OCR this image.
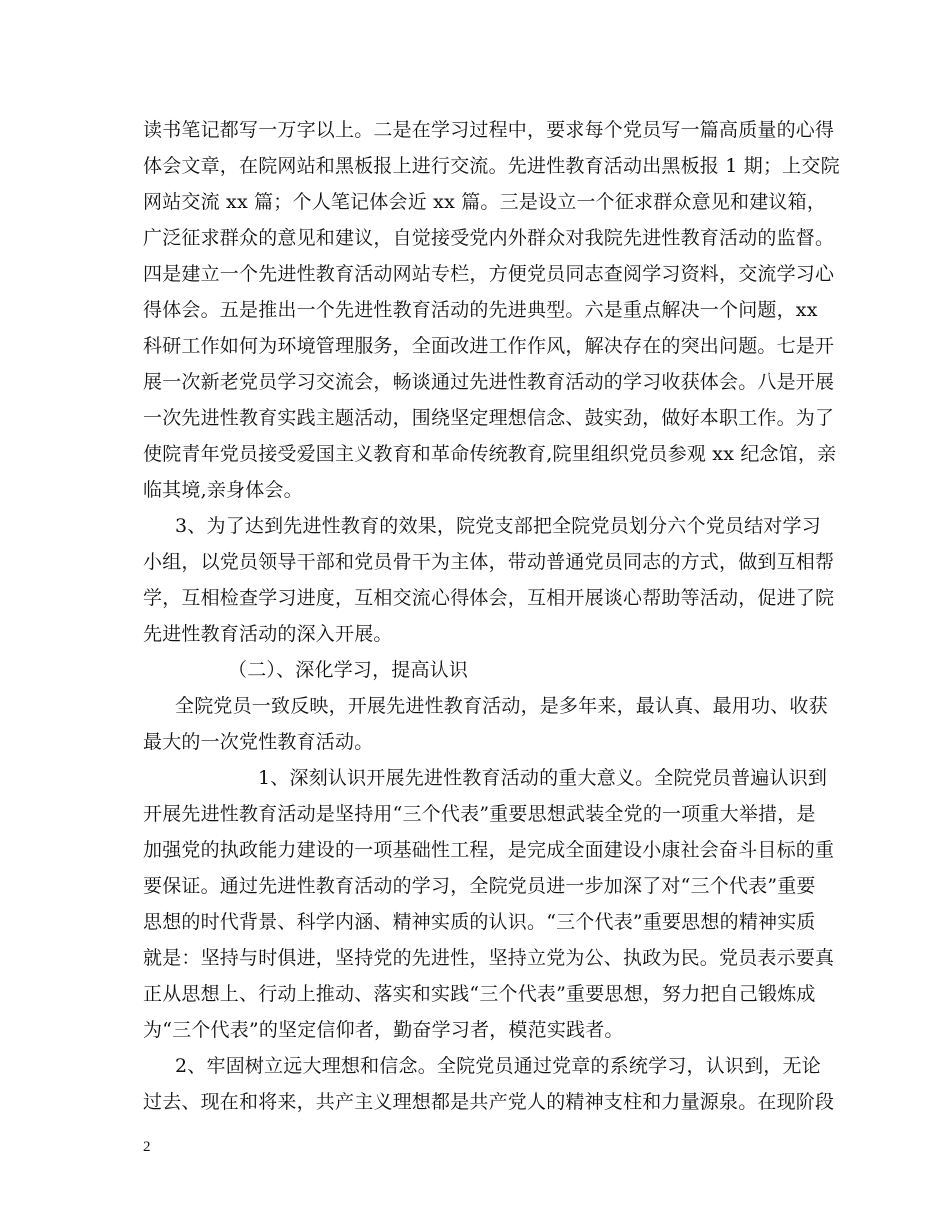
读书笔记都写一万字以上。二是在学习过程中，要求每个党员写一篇高质量的心得
体会文章，在院网站和黑板报上进行交流。先进性教育活动出黑板报 1 期；上交院
网站交流 xx 篇；个人笔记体会近 xx 篇。三是设立一个征求群众意见和建议箱，
广泛征求群众的意见和建议，自觉接受党内外群众对我院先进性教育活动的监督。
四是建立一个先进性教育活动网站专栏，方便党员同志查阅学习资料，交流学习心
得体会。五是推出一个先进性教育活动的先进典型。六是重点解决一个问题，xx
科研工作如何为环境管理服务，全面改进工作作风，解决存在的突出问题。七是开
展一次新老党员学习交流会，畅谈通过先进性教育活动的学习收获体会。八是开展
一次先进性教育实践主题活动，围绕坚定理想信念、鼓实劲，做好本职工作。为了
使院青年党员接受爱国主义教育和革命传统教育,院里组织党员参观 xx 纪念馆，亲
临其境,亲身体会。
3、为了达到先进性教育的效果，院党支部把全院党员划分六个党员结对学习
小组，以党员领导干部和党员骨干为主体，带动普通党员同志的方式，做到互相帮
学，互相检查学习进度，互相交流心得体会，互相开展谈心帮助等活动，促进了院
先进性教育活动的深入开展。
（二）、深化学习，提高认识
全院党员一致反映，开展先进性教育活动，是多年来，最认真、最用功、收获
最大的一次党性教育活动。
1、深刻认识开展先进性教育活动的重大意义。全院党员普遍认识到
开展先进性教育活动是坚持用“三个代表”重要思想武装全党的一项重大举措，是
加强党的执政能力建设的一项基础性工程，是完成全面建设小康社会奋斗目标的重
要保证。通过先进性教育活动的学习，全院党员进一步加深了对“三个代表”重要
思想的时代背景、科学内涵、精神实质的认识。“三个代表”重要思想的精神实质
就是：坚持与时俱进，坚持党的先进性，坚持立党为公、执政为民。党员表示要真
正从思想上、行动上推动、落实和实践“三个代表”重要思想，努力把自己锻炼成
为“三个代表”的坚定信仰者，勤奋学习者，模范实践者。
2、牢固树立远大理想和信念。全院党员通过党章的系统学习，认识到，无论
过去、现在和将来，共产主义理想都是共产党人的精神支柱和力量源泉。在现阶段
2
